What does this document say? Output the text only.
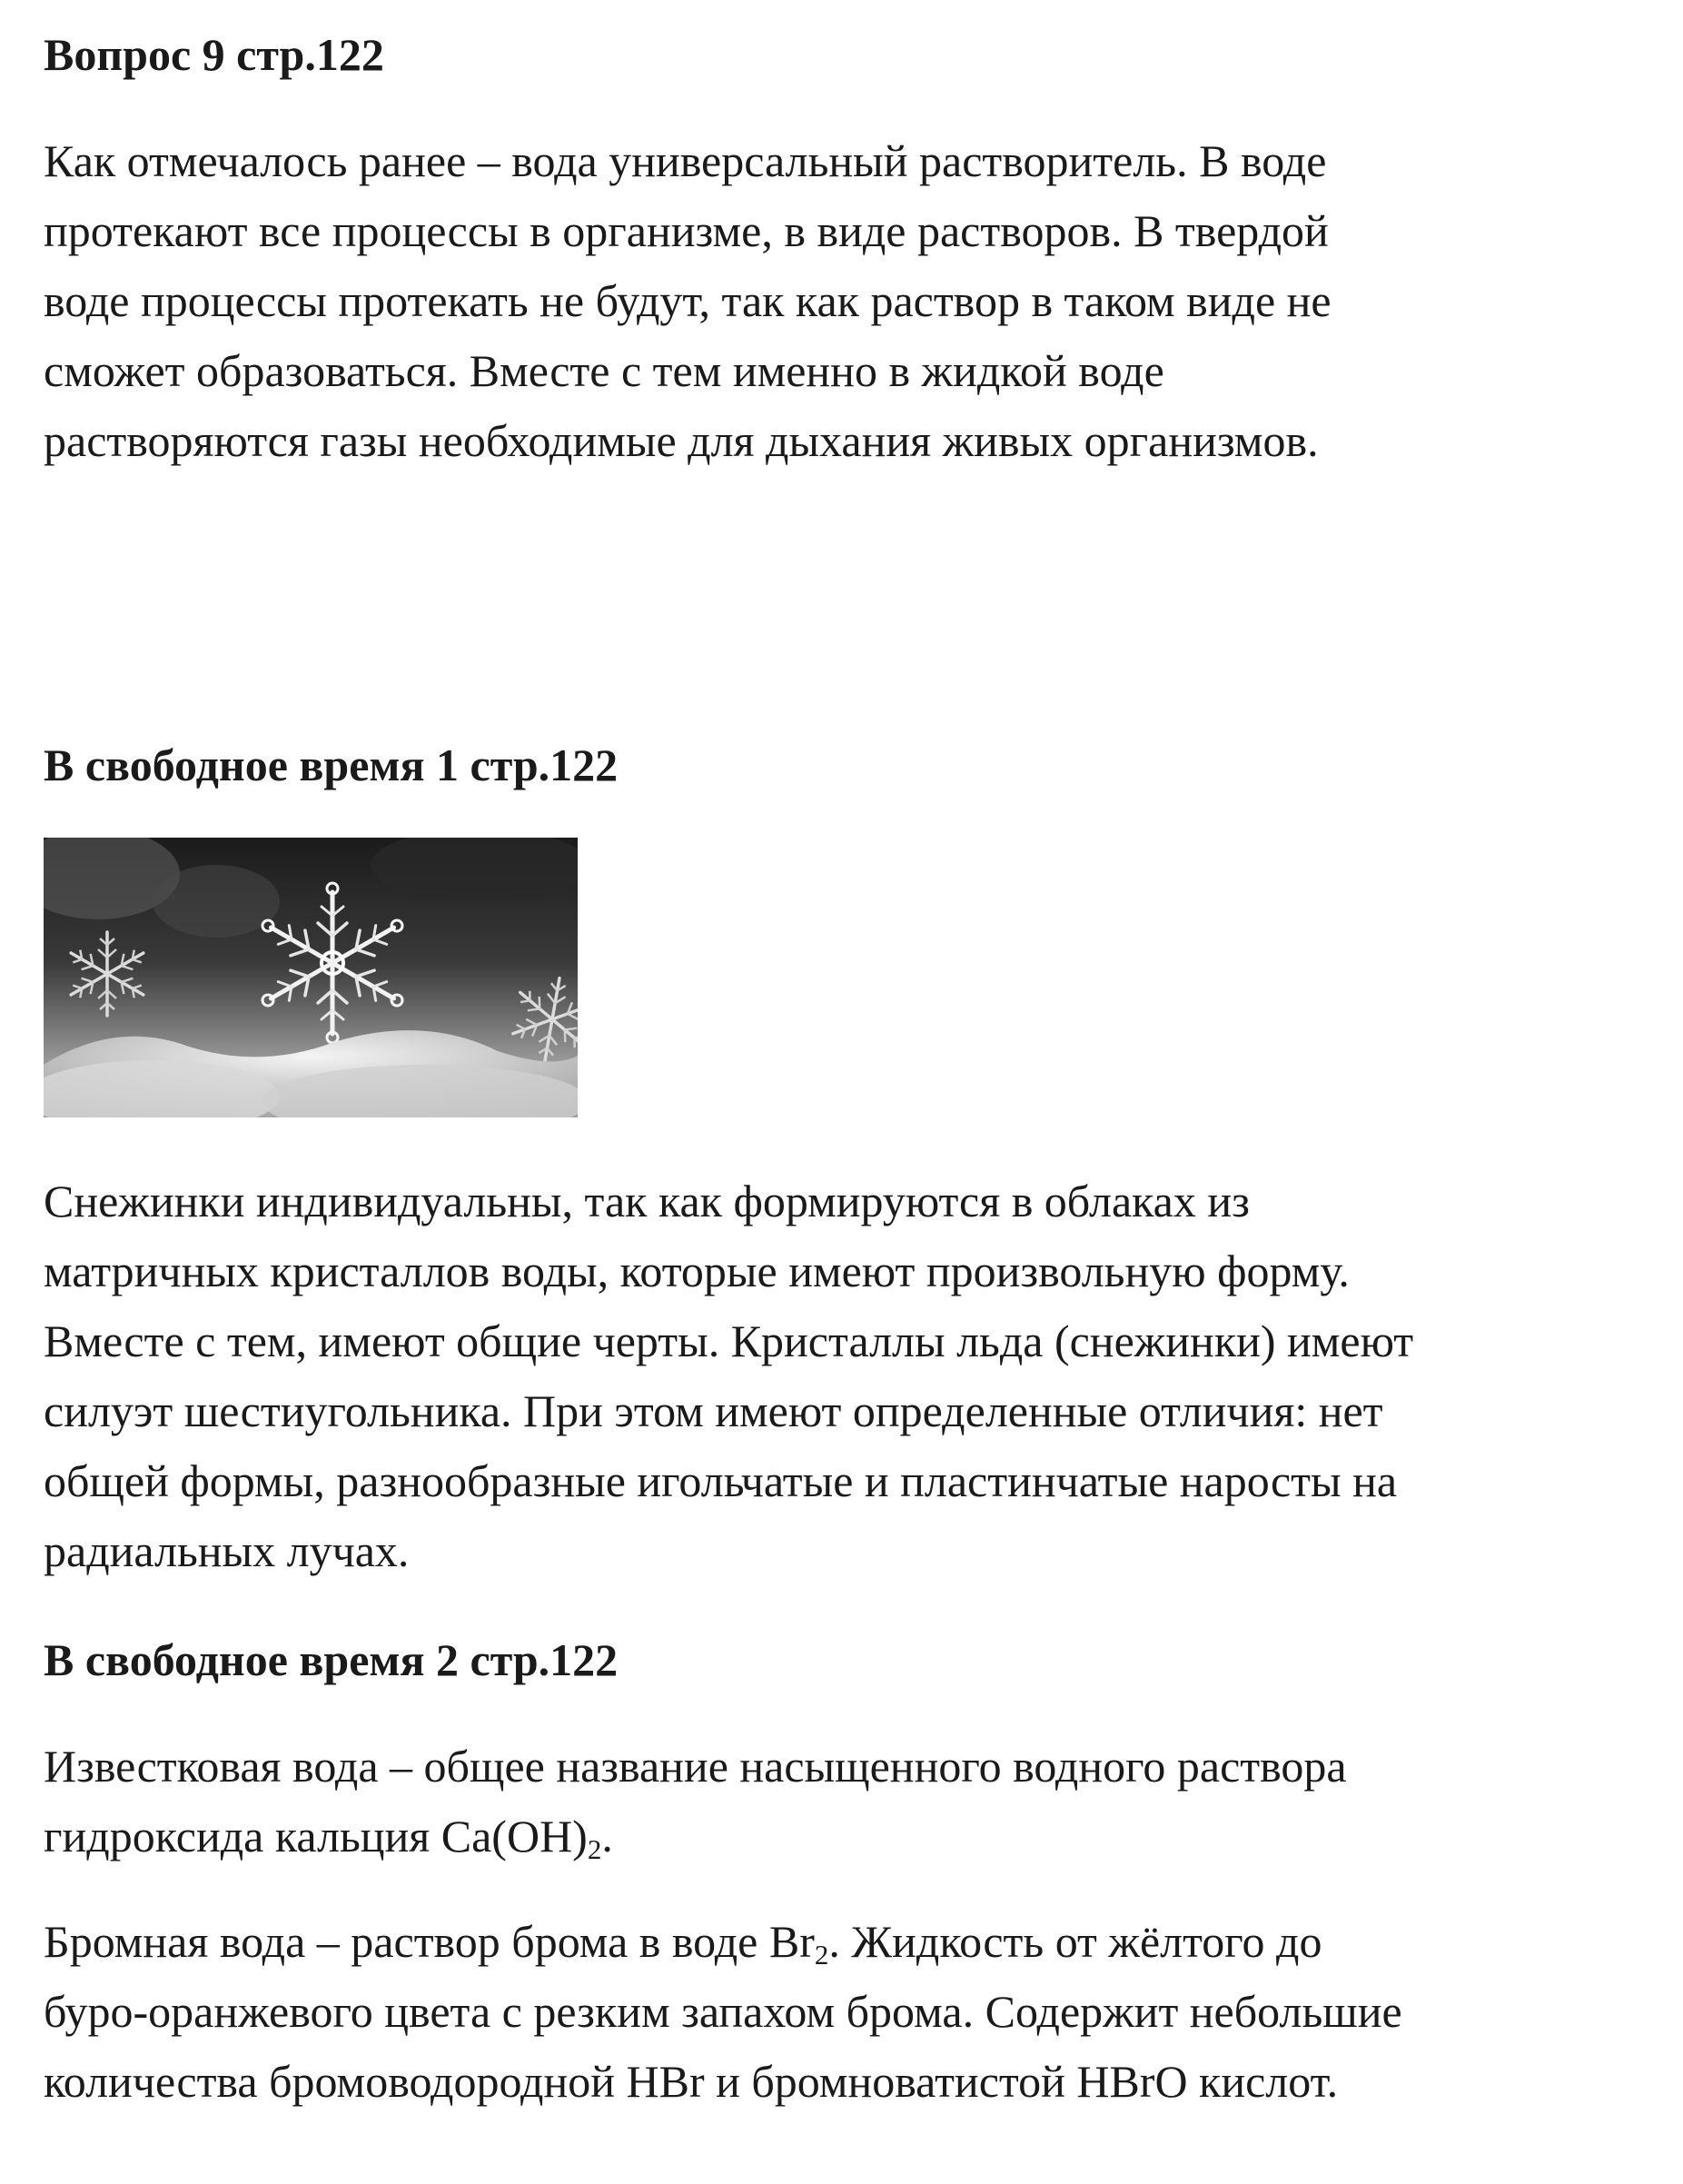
Вопрос 9 стр.122

Как отмечалось ранее – вода универсальный растворитель. В воде
протекают все процессы в организме, в виде растворов. В твердой
воде процессы протекать не будут, так как раствор в таком виде не
сможет образоваться. Вместе с тем именно в жидкой воде
растворяются газы необходимые для дыхания живых организмов.

В свободное время 1 стр.122

Снежинки индивидуальны, так как формируются в облаках из
матричных кристаллов воды, которые имеют произвольную форму.
Вместе с тем, имеют общие черты. Кристаллы льда (снежинки) имеют
силуэт шестиугольника. При этом имеют определенные отличия: нет
общей формы, разнообразные игольчатые и пластинчатые наросты на
радиальных лучах.

В свободное время 2 стр.122

Известковая вода – общее название насыщенного водного раствора
гидроксида кальция $Ca(OH)_2$.

Бромная вода – раствор брома в воде $Br_2$. Жидкость от жёлтого до
буро-оранжевого цвета с резким запахом брома. Содержит небольшие
количества бромоводородной HBr и бромноватистой HBrO кислот.
